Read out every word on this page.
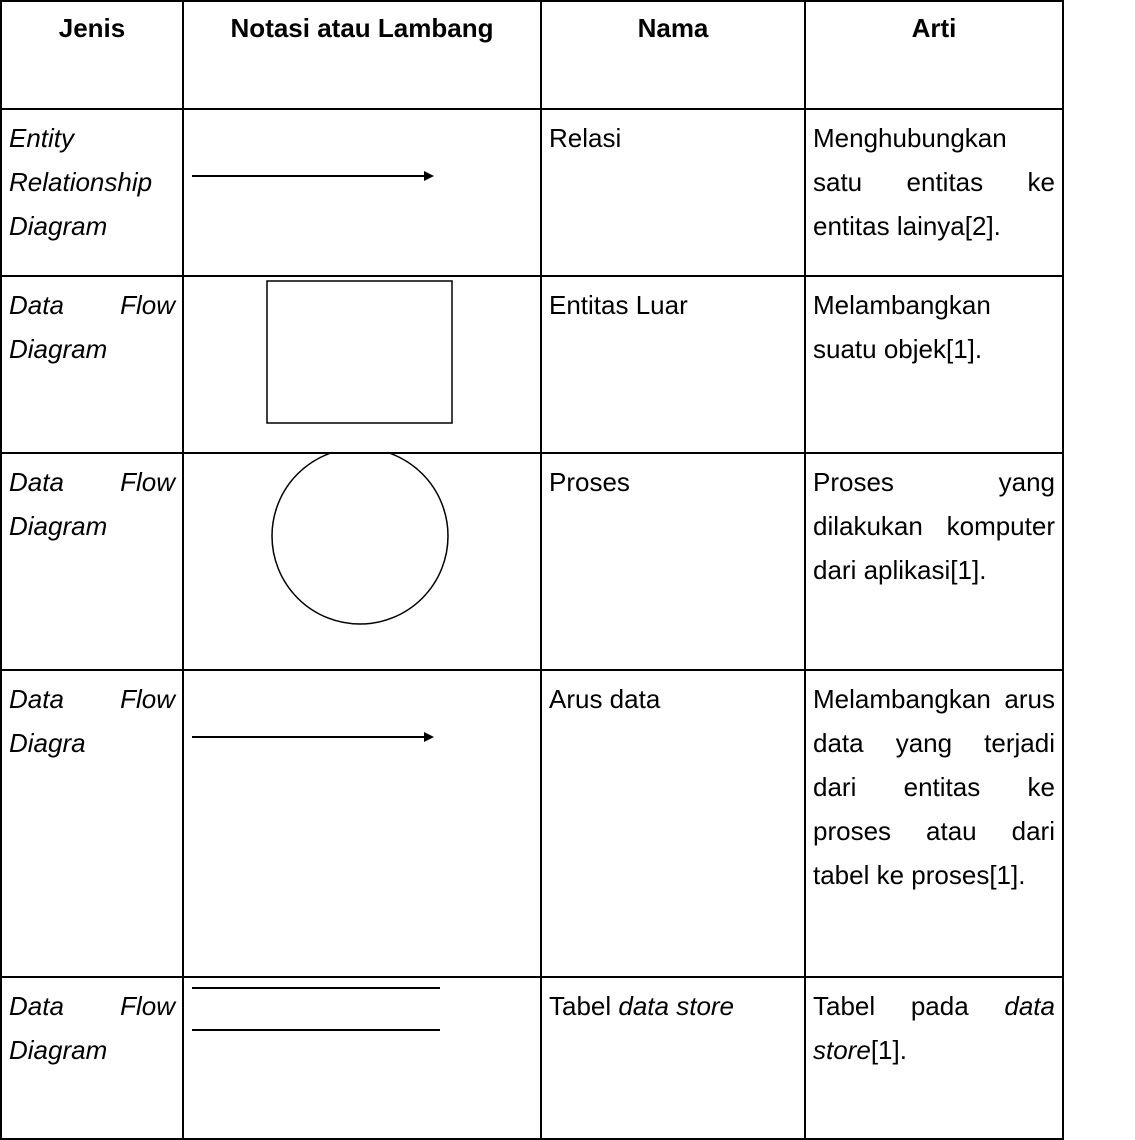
Jenis	Notasi atau Lambang	Nama	Arti
Entity Relationship Diagram		Relasi	Menghubungkan satu entitas ke entitas lainya[2].
Data Flow Diagram		Entitas Luar	Melambangkan suatu objek[1].
Data Flow Diagram		Proses	Proses yang dilakukan komputer dari aplikasi[1].
Data Flow Diagra		Arus data	Melambangkan arus data yang terjadi dari entitas ke proses atau dari tabel ke proses[1].
Data Flow Diagram		Tabel data store	Tabel pada data store[1].
